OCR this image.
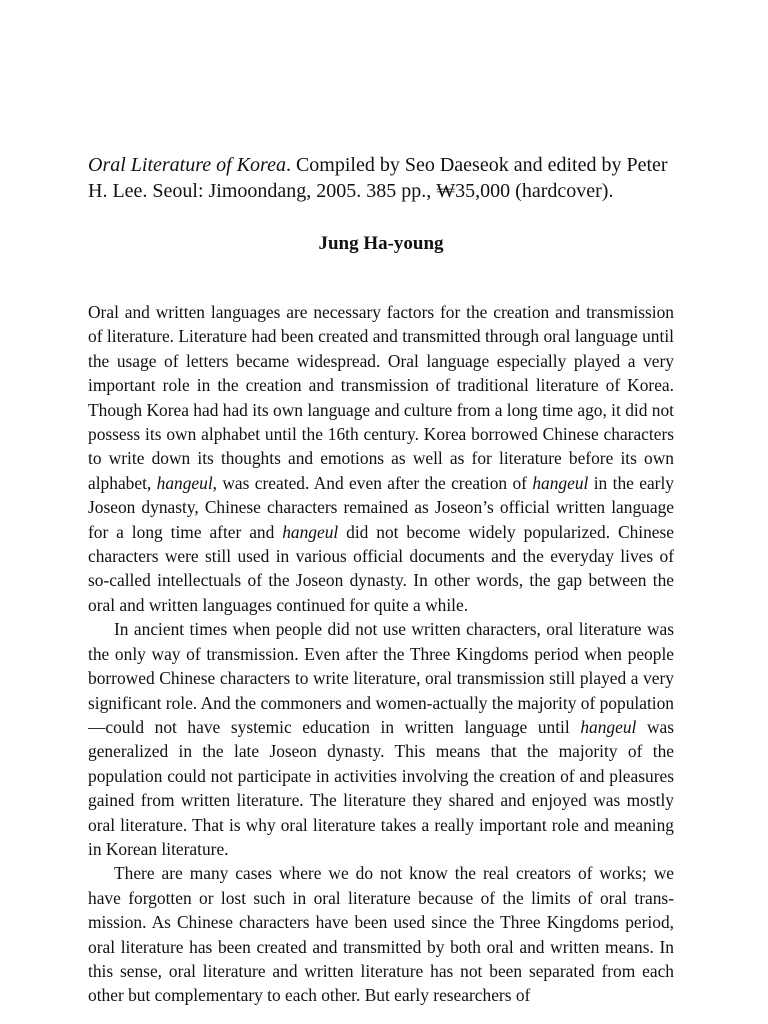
Oral Literature of Korea. Compiled by Seo Daeseok and edited by Peter H. Lee. Seoul: Jimoondang, 2005. 385 pp., ₩35,000 (hardcover).

Jung Ha-young

Oral and written languages are necessary factors for the creation and transmission of literature. Literature had been created and transmitted through oral language until the usage of letters became widespread. Oral language especially played a very important role in the creation and transmission of traditional literature of Korea. Though Korea had had its own language and culture from a long time ago, it did not possess its own alphabet until the 16th century. Korea borrowed Chinese characters to write down its thoughts and emotions as well as for literature before its own alphabet, hangeul, was created. And even after the creation of hangeul in the early Joseon dynasty, Chinese characters remained as Joseon’s official written language for a long time after and hangeul did not become widely popularized. Chinese characters were still used in various official documents and the everyday lives of so-called intellectuals of the Joseon dynasty. In other words, the gap between the oral and written languages continued for quite a while.

In ancient times when people did not use written characters, oral literature was the only way of transmission. Even after the Three Kingdoms period when people borrowed Chinese characters to write literature, oral transmission still played a very significant role. And the commoners and women-actually the majority of population—could not have systemic education in written language until hangeul was generalized in the late Joseon dynasty. This means that the majority of the population could not participate in activities involving the creation of and pleasures gained from written literature. The literature they shared and enjoyed was mostly oral literature. That is why oral literature takes a really important role and meaning in Korean literature.

There are many cases where we do not know the real creators of works; we have forgotten or lost such in oral literature because of the limits of oral transmission. As Chinese characters have been used since the Three Kingdoms period, oral literature has been created and transmitted by both oral and written means. In this sense, oral literature and written literature has not been separated from each other but complementary to each other. But early researchers of
